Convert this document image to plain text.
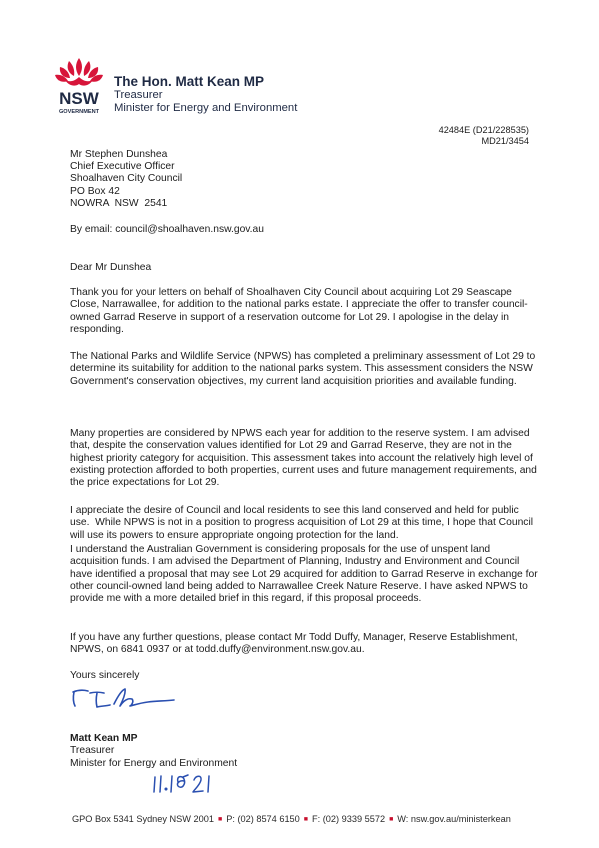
NSW
GOVERNMENT
The Hon. Matt Kean MP
Treasurer
Minister for Energy and Environment
42484E (D21/228535)
MD21/3454
Mr Stephen Dunshea
Chief Executive Officer
Shoalhaven City Council
PO Box 42
NOWRA  NSW  2541
By email: council@shoalhaven.nsw.gov.au
Dear Mr Dunshea
Thank you for your letters on behalf of Shoalhaven City Council about acquiring Lot 29 Seascape Close, Narrawallee, for addition to the national parks estate. I appreciate the offer to transfer council-owned Garrad Reserve in support of a reservation outcome for Lot 29. I apologise in the delay in responding.
The National Parks and Wildlife Service (NPWS) has completed a preliminary assessment of Lot 29 to determine its suitability for addition to the national parks system. This assessment considers the NSW Government's conservation objectives, my current land acquisition priorities and available funding.
Many properties are considered by NPWS each year for addition to the reserve system. I am advised that, despite the conservation values identified for Lot 29 and Garrad Reserve, they are not in the highest priority category for acquisition. This assessment takes into account the relatively high level of existing protection afforded to both properties, current uses and future management requirements, and the price expectations for Lot 29.
I appreciate the desire of Council and local residents to see this land conserved and held for public use.  While NPWS is not in a position to progress acquisition of Lot 29 at this time, I hope that Council will use its powers to ensure appropriate ongoing protection for the land.
I understand the Australian Government is considering proposals for the use of unspent land acquisition funds. I am advised the Department of Planning, Industry and Environment and Council have identified a proposal that may see Lot 29 acquired for addition to Garrad Reserve in exchange for other council-owned land being added to Narrawallee Creek Nature Reserve. I have asked NPWS to provide me with a more detailed brief in this regard, if this proposal proceeds.
If you have any further questions, please contact Mr Todd Duffy, Manager, Reserve Establishment, NPWS, on 6841 0937 or at todd.duffy@environment.nsw.gov.au.
Yours sincerely
Matt Kean MP
Treasurer
Minister for Energy and Environment
GPO Box 5341 Sydney NSW 2001 ■ P: (02) 8574 6150 ■ F: (02) 9339 5572 ■ W: nsw.gov.au/ministerkean
